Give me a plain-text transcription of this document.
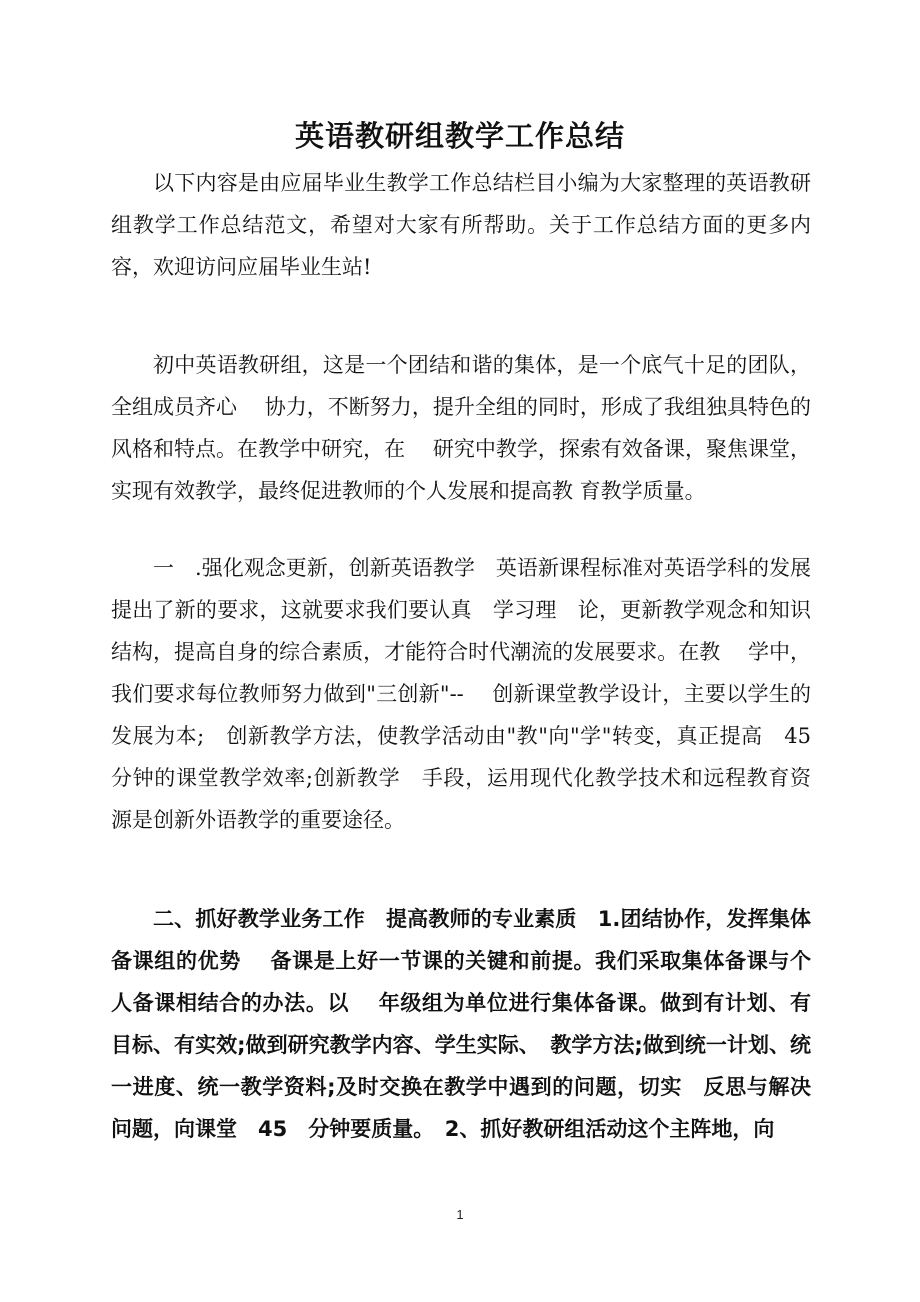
英语教研组教学工作总结

以下内容是由应届毕业生教学工作总结栏目小编为大家整理的英语教研组教学工作总结范文，希望对大家有所帮助。关于工作总结方面的更多内容，欢迎访问应届毕业生站!

初中英语教研组，这是一个团结和谐的集体，是一个底气十足的团队，全组成员齐心　 协力，不断努力，提升全组的同时，形成了我组独具特色的风格和特点。在教学中研究，在　 研究中教学，探索有效备课，聚焦课堂，实现有效教学，最终促进教师的个人发展和提高教 育教学质量。

一　.强化观念更新，创新英语教学　英语新课程标准对英语学科的发展提出了新的要求，这就要求我们要认真　学习理　论，更新教学观念和知识结构，提高自身的综合素质，才能符合时代潮流的发展要求。在教　 学中，我们要求每位教师努力做到"三创新"--　 创新课堂教学设计，主要以学生的发展为本;　创新教学方法，使教学活动由"教"向"学"转变，真正提高　45　分钟的课堂教学效率;创新教学　手段，运用现代化教学技术和远程教育资源是创新外语教学的重要途径。

二、抓好教学业务工作　提高教师的专业素质　1.团结协作，发挥集体备课组的优势　 备课是上好一节课的关键和前提。我们采取集体备课与个人备课相结合的办法。以　 年级组为单位进行集体备课。做到有计划、有目标、有实效;做到研究教学内容、学生实际、　教学方法;做到统一计划、统一进度、统一教学资料;及时交换在教学中遇到的问题，切实　反思与解决问题，向课堂　45　分钟要质量。　2、抓好教研组活动这个主阵地，向

1
